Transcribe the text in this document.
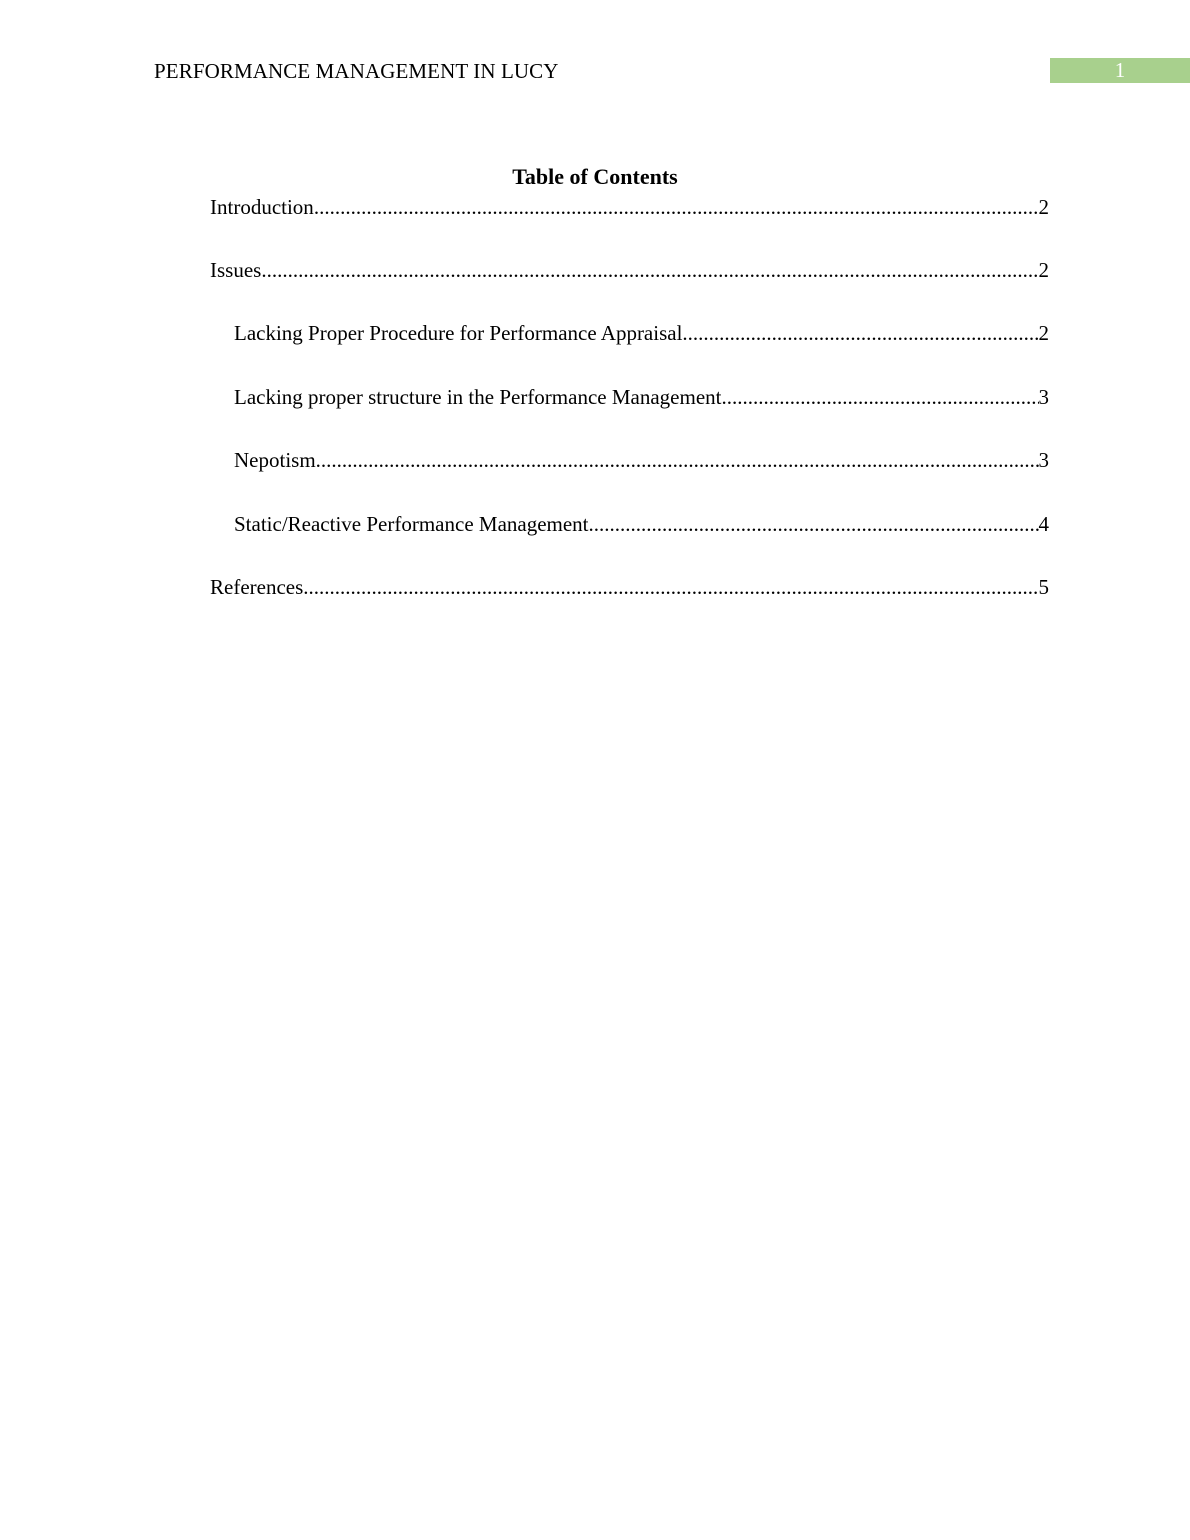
PERFORMANCE MANAGEMENT IN LUCY	1
Table of Contents
Introduction .....	2
Issues .....	2
Lacking Proper Procedure for Performance Appraisal .....	2
Lacking proper structure in the Performance Management .....	3
Nepotism .....	3
Static/Reactive Performance Management .....	4
References .....	5
